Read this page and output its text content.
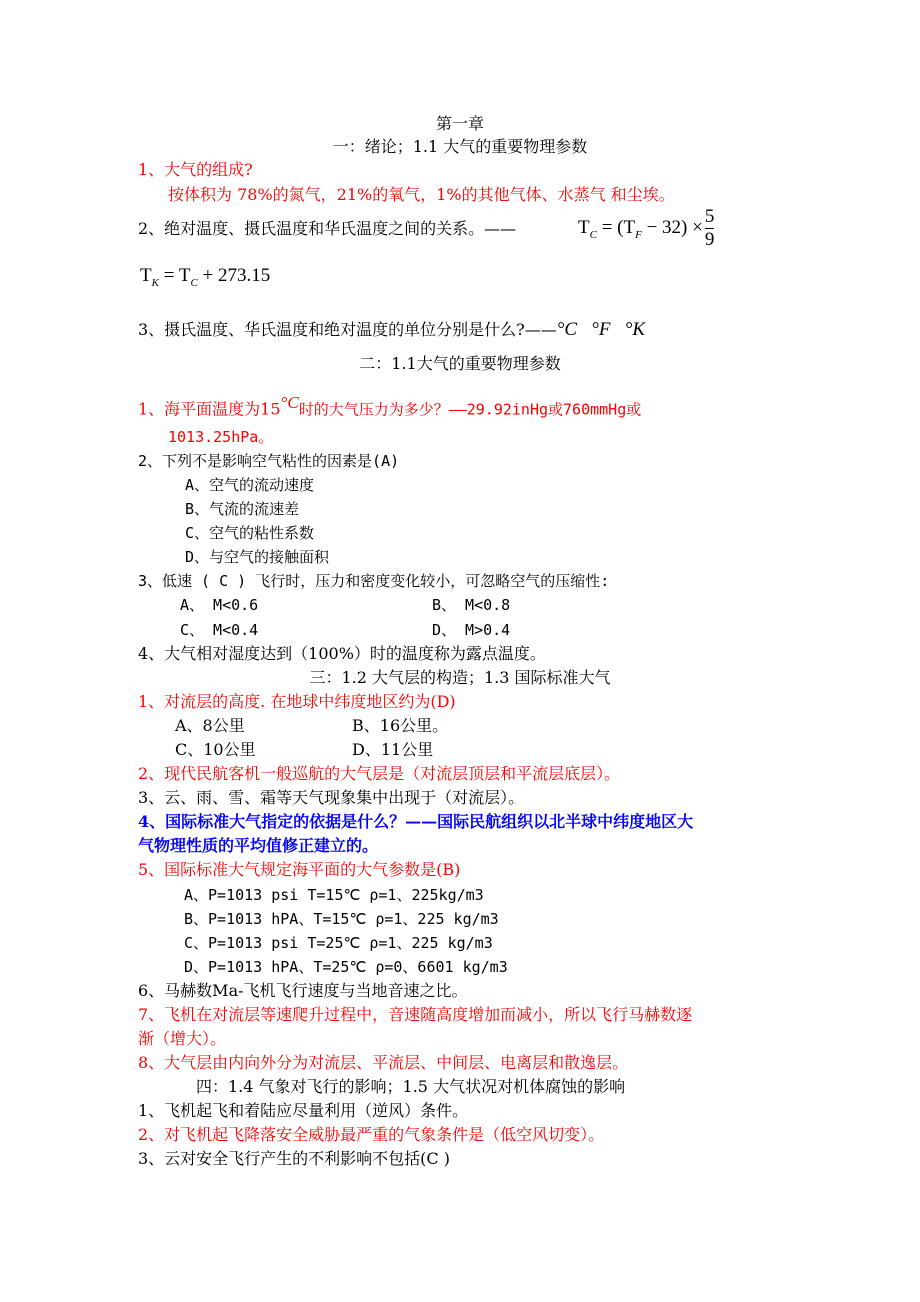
第一章
一：绪论；1.1 大气的重要物理参数
1、大气的组成?
按体积为 78%的氮气，21%的氧气，1%的其他气体、水蒸气 和尘埃。
2、绝对温度、摄氏温度和华氏温度之间的关系。——	$T_C = (T_F - 32) \times \frac{5}{9}$
$T_K = T_C + 273.15$
3、摄氏温度、华氏温度和绝对温度的单位分别是什么?——°C   °F   °K
二：1.1大气的重要物理参数
1、海平面温度为$15^{^\circ C}$时的大气压力为多少？——29.92inHg或760mmHg或
1013.25hPa。
2、下列不是影响空气粘性的因素是(A)
A、空气的流动速度
B、气流的流速差
C、空气的粘性系数
D、与空气的接触面积
3、低速 ( C ) 飞行时，压力和密度变化较小，可忽略空气的压缩性:
A、 M<0.6	B、 M<0.8
C、 M<0.4	D、 M>0.4
4、大气相对湿度达到（100%）时的温度称为露点温度。
三：1.2 大气层的构造；1.3 国际标准大气
1、对流层的高度. 在地球中纬度地区约为(D)
A、8公里	B、16公里。
C、10公里	D、11公里
2、现代民航客机一般巡航的大气层是（对流层顶层和平流层底层）。
3、云、雨、雪、霜等天气现象集中出现于（对流层）。
4、国际标准大气指定的依据是什么？——国际民航组织以北半球中纬度地区大
气物理性质的平均值修正建立的。
5、国际标准大气规定海平面的大气参数是(B)
A、P=1013 psi T=15℃ ρ=1、225kg/m3
B、P=1013 hPA、T=15℃ ρ=1、225 kg/m3
C、P=1013 psi T=25℃ ρ=1、225 kg/m3
D、P=1013 hPA、T=25℃ ρ=0、6601 kg/m3
6、马赫数Ma-飞机飞行速度与当地音速之比。
7、飞机在对流层等速爬升过程中，音速随高度增加而减小，所以飞行马赫数逐
渐（增大）。
8、大气层由内向外分为对流层、平流层、中间层、电离层和散逸层。
四：1.4 气象对飞行的影响；1.5 大气状况对机体腐蚀的影响
1、飞机起飞和着陆应尽量利用（逆风）条件。
2、对飞机起飞降落安全威胁最严重的气象条件是（低空风切变）。
3、云对安全飞行产生的不利影响不包括(C )
